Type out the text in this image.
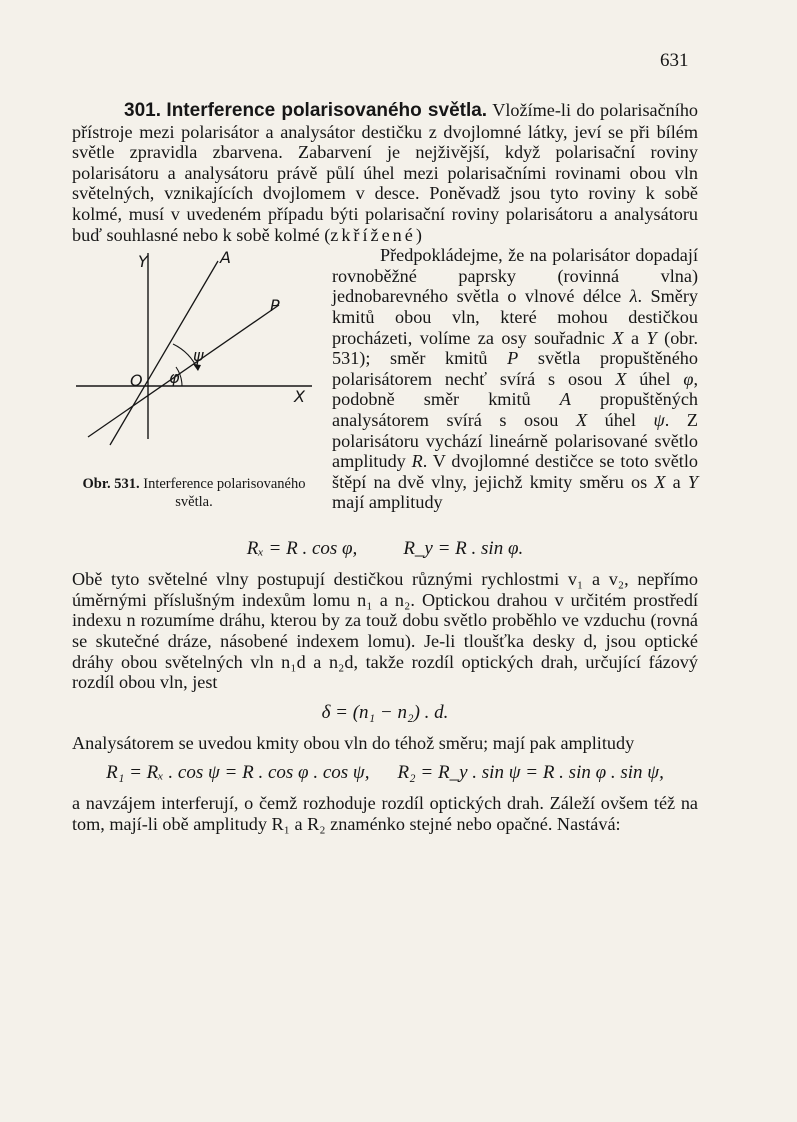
631

301. Interference polarisovaného světla. Vložíme-li do polarisačního přístroje mezi polarisátor a analysátor destičku z dvojlomné látky, jeví se při bílém světle zpravidla zbarvena. Zabarvení je nejživější, když polarisační roviny polarisátoru a analysátoru právě půlí úhel mezi polarisačními rovinami obou vln světelných, vznikajících dvojlomem v desce. Poněvadž jsou tyto roviny k sobě kolmé, musí v uvedeném případu býti polarisační roviny polarisátoru a analysátoru buď souhlasné nebo k sobě kolmé (zkřížené)

Y	A
P
X
O φ
ψ
Obr. 531. Interference polarisovaného světla.

Předpokládejme, že na polarisátor dopadají rovnoběžné paprsky (rovinná vlna) jednobarevného světla o vlnové délce λ. Směry kmitů obou vln, které mohou destičkou procházeti, volíme za osy souřadnic X a Y (obr. 531); směr kmitů P světla propuštěného polarisátorem nechť svírá s osou X úhel φ, podobně směr kmitů A propuštěných analysátorem svírá s osou X úhel ψ. Z polarisátoru vychází lineárně polarisované světlo amplitudy R. V dvojlomné destičce se toto světlo štěpí na dvě vlny, jejichž kmity směru os X a Y mají amplitudy

Rₓ = R . cos φ, R_y = R . sin φ.

Obě tyto světelné vlny postupují destičkou různými rychlostmi v₁ a v₂, nepřímo úměrnými příslušným indexům lomu n₁ a n₂. Optickou drahou v určitém prostředí indexu n rozumíme dráhu, kterou by za touž dobu světlo proběhlo ve vzduchu (rovná se skutečné dráze, násobené indexem lomu). Je-li tloušťka desky d, jsou optické dráhy obou světelných vln n₁d a n₂d, takže rozdíl optických drah, určující fázový rozdíl obou vln, jest

δ = (n₁ − n₂) . d.

Analysátorem se uvedou kmity obou vln do téhož směru; mají pak amplitudy

R₁ = Rₓ . cos ψ = R . cos φ . cos ψ, R₂ = R_y . sin ψ = R . sin φ . sin ψ,

a navzájem interferují, o čemž rozhoduje rozdíl optických drah. Záleží ovšem též na tom, mají-li obě amplitudy R₁ a R₂ znaménko stejné nebo opačné. Nastává:
